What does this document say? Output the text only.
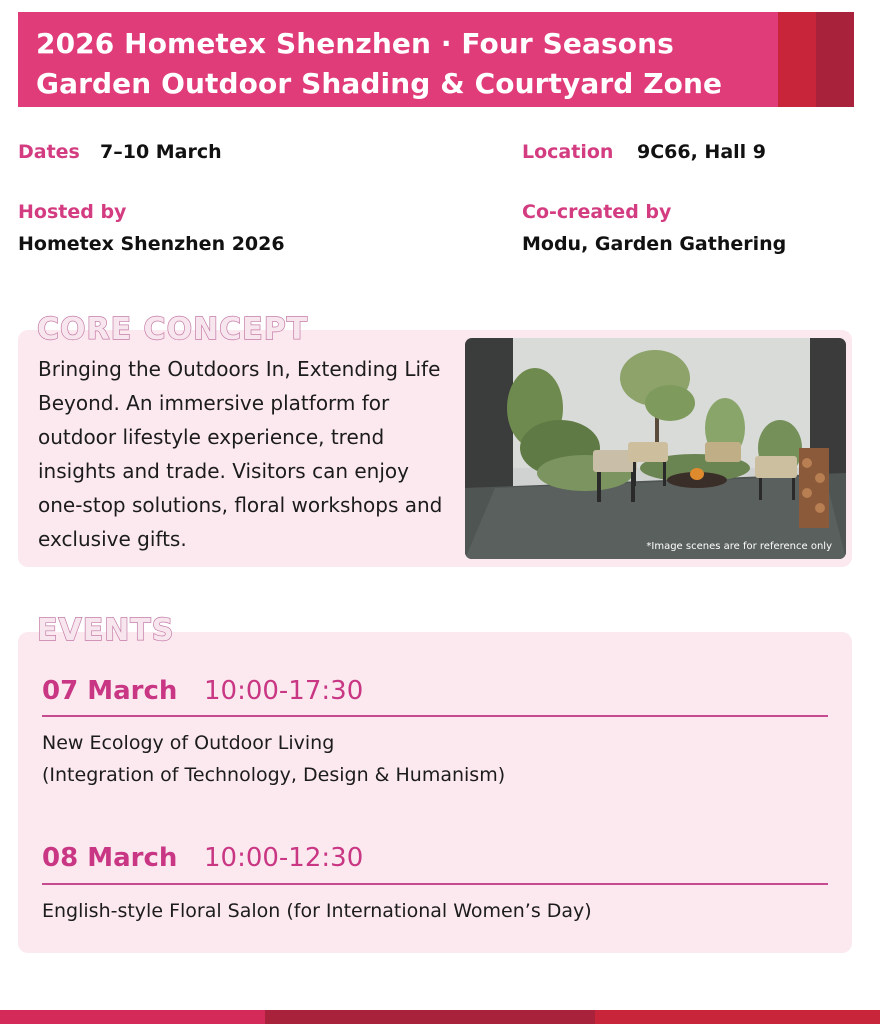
2026 Hometex Shenzhen · Four Seasons Garden Outdoor Shading & Courtyard Zone
Dates 7–10 March	Location 9C66, Hall 9
Hosted by
Hometex Shenzhen 2026
Co-created by
Modu, Garden Gathering
CORE CONCEPT
Bringing the Outdoors In, Extending Life Beyond. An immersive platform for outdoor lifestyle experience, trend insights and trade. Visitors can enjoy one-stop solutions, floral workshops and exclusive gifts.	*Image scenes are for reference only
EVENTS
07 March 10:00-17:30
New Ecology of Outdoor Living
(Integration of Technology, Design & Humanism)
08 March 10:00-12:30
English-style Floral Salon (for International Women’s Day)
